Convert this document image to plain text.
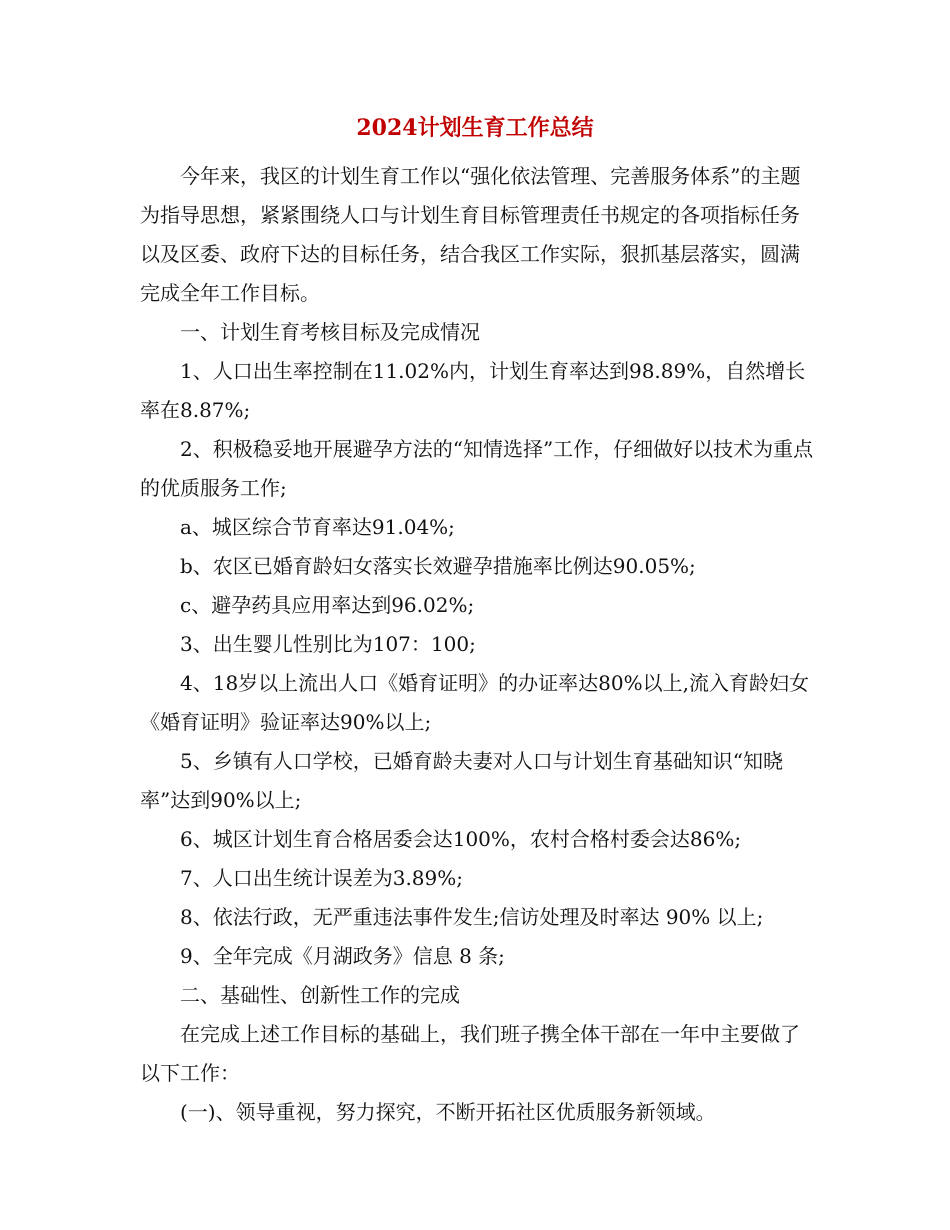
2024计划生育工作总结

今年来，我区的计划生育工作以“强化依法管理、完善服务体系”的主题为指导思想，紧紧围绕人口与计划生育目标管理责任书规定的各项指标任务以及区委、政府下达的目标任务，结合我区工作实际，狠抓基层落实，圆满完成全年工作目标。

一、计划生育考核目标及完成情况

1、人口出生率控制在11.02%内，计划生育率达到98.89%，自然增长率在8.87%;

2、积极稳妥地开展避孕方法的“知情选择”工作，仔细做好以技术为重点的优质服务工作;

a、城区综合节育率达91.04%;

b、农区已婚育龄妇女落实长效避孕措施率比例达90.05%;

c、避孕药具应用率达到96.02%;

3、出生婴儿性别比为107：100;

4、18岁以上流出人口《婚育证明》的办证率达80%以上,流入育龄妇女《婚育证明》验证率达90%以上;

5、乡镇有人口学校，已婚育龄夫妻对人口与计划生育基础知识“知晓率”达到90%以上;

6、城区计划生育合格居委会达100%，农村合格村委会达86%;

7、人口出生统计误差为3.89%;

8、依法行政，无严重违法事件发生;信访处理及时率达 90% 以上;

9、全年完成《月湖政务》信息 8 条;

二、基础性、创新性工作的完成

在完成上述工作目标的基础上，我们班子携全体干部在一年中主要做了以下工作：

(一)、领导重视，努力探究，不断开拓社区优质服务新领域。
